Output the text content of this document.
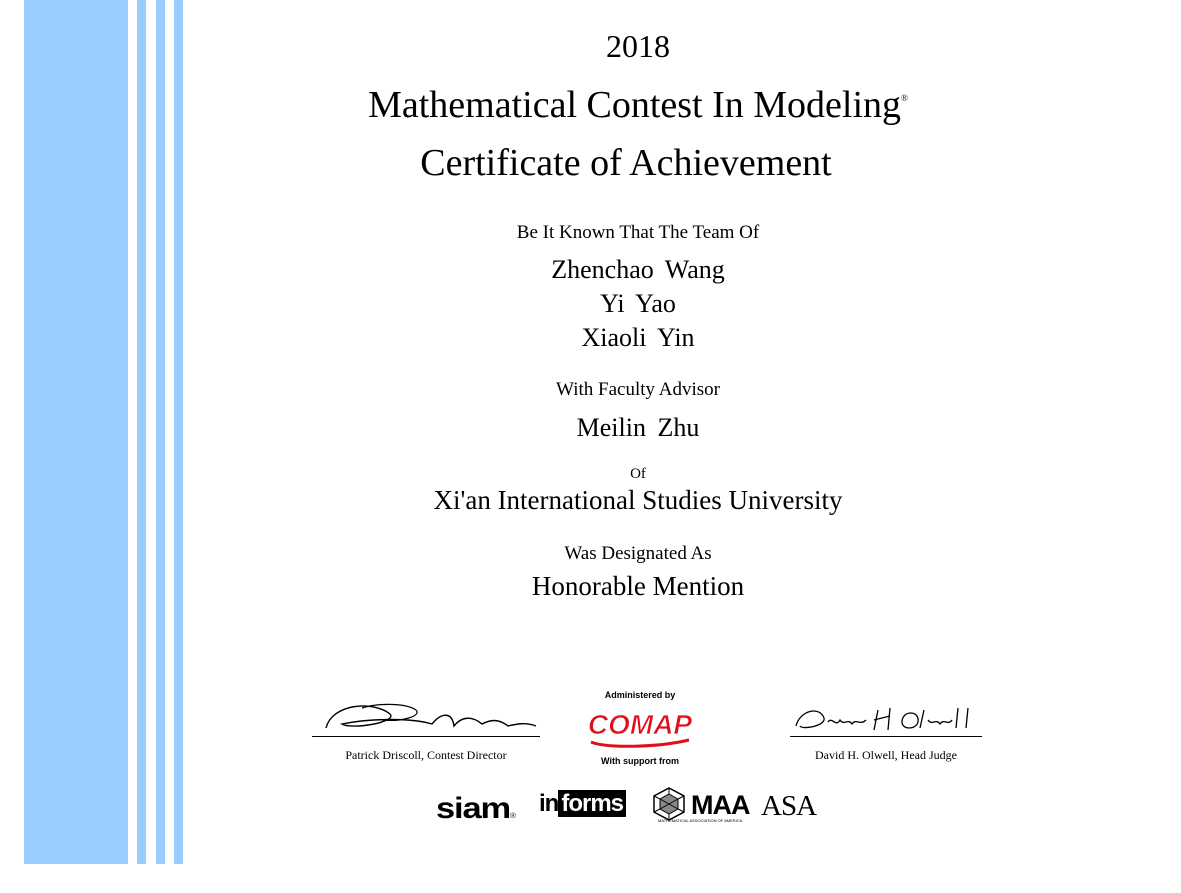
2018
Mathematical Contest In Modeling®
Certificate of Achievement
Be It Known That The Team Of
Zhenchao Wang
Yi Yao
Xiaoli Yin
With Faculty Advisor
Meilin Zhu
Of
Xi'an International Studies University
Was Designated As
Honorable Mention
Patrick Driscoll, Contest Director
Administered by
COMAP
With support from	David H. Olwell, Head Judge
siam® in forms	MAA
MATHEMATICAL ASSOCIATION OF AMERICA ASA
